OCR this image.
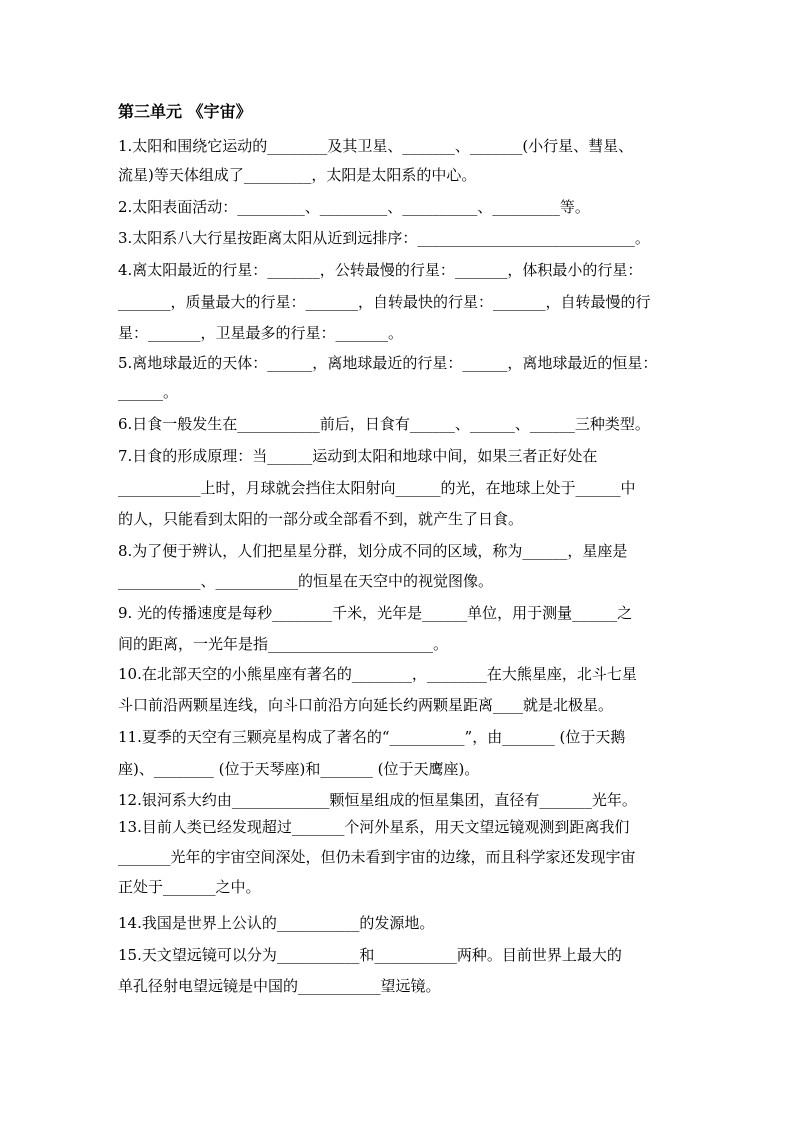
第三单元 《宇宙》
1.太阳和围绕它运动的________及其卫星、_______、_______(小行星、彗星、
流星)等天体组成了_________，太阳是太阳系的中心。
2.太阳表面活动：_________、_________、__________、_________等。
3.太阳系八大行星按距离太阳从近到远排序：_____________________________。
4.离太阳最近的行星：_______，公转最慢的行星：_______，体积最小的行星：
_______，质量最大的行星：_______，自转最快的行星：_______，自转最慢的行
星：_______，卫星最多的行星：_______。
5.离地球最近的天体：______，离地球最近的行星：______，离地球最近的恒星：
______。
6.日食一般发生在___________前后，日食有______、______、______三种类型。
7.日食的形成原理：当______运动到太阳和地球中间，如果三者正好处在
___________上时，月球就会挡住太阳射向______的光，在地球上处于______中
的人，只能看到太阳的一部分或全部看不到，就产生了日食。
8.为了便于辨认，人们把星星分群，划分成不同的区域，称为______，星座是
___________、___________的恒星在天空中的视觉图像。
9. 光的传播速度是每秒________千米，光年是______单位，用于测量______之
间的距离，一光年是指______________________。
10.在北部天空的小熊星座有著名的________，________在大熊星座，北斗七星
斗口前沿两颗星连线，向斗口前沿方向延长约两颗星距离____就是北极星。
11.夏季的天空有三颗亮星构成了著名的“__________”，由_______ (位于天鹅
座)、________ (位于天琴座)和_______ (位于天鹰座)。
12.银河系大约由_____________颗恒星组成的恒星集团，直径有_______光年。
13.目前人类已经发现超过_______个河外星系，用天文望远镜观测到距离我们
_______光年的宇宙空间深处，但仍未看到宇宙的边缘，而且科学家还发现宇宙
正处于_______之中。
14.我国是世界上公认的___________的发源地。
15.天文望远镜可以分为___________和___________两种。目前世界上最大的
单孔径射电望远镜是中国的___________望远镜。
